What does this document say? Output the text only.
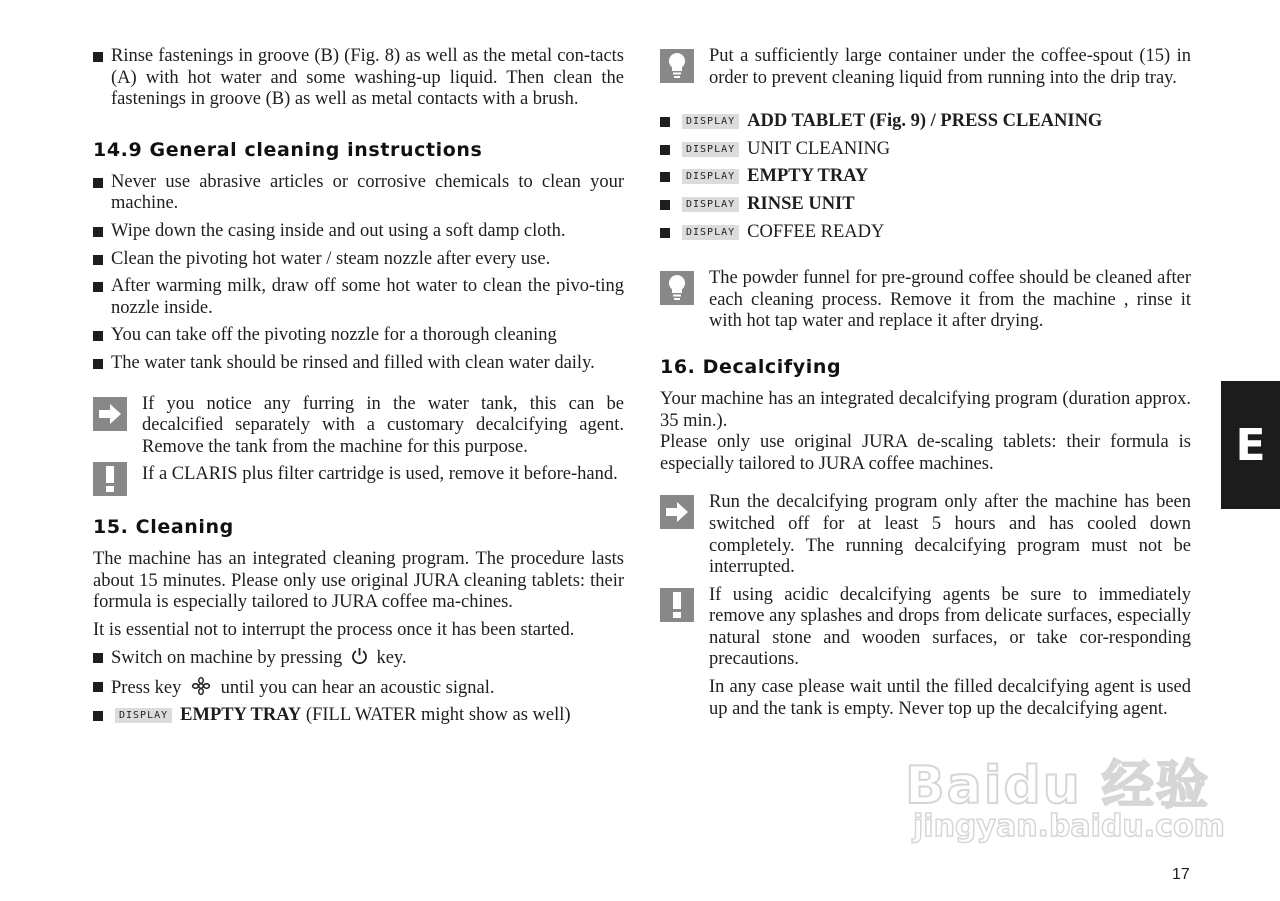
Rinse fastenings in groove (B) (Fig. 8) as well as the metal con-tacts (A) with hot water and some washing-up liquid. Then clean the fastenings in groove (B) as well as metal contacts with a brush.

14.9 General cleaning instructions

Never use abrasive articles or corrosive chemicals to clean your machine.

Wipe down the casing inside and out using a soft damp cloth.

Clean the pivoting hot water / steam nozzle after every use.

After warming milk, draw off some hot water to clean the pivo-ting nozzle inside.

You can take off the pivoting nozzle for a thorough cleaning

The water tank should be rinsed and filled with clean water daily.

If you notice any furring in the water tank, this can be decalcified separately with a customary decalcifying agent. Remove the tank from the machine for this purpose.

If a CLARIS plus filter cartridge is used, remove it before-hand.

15. Cleaning

The machine has an integrated cleaning program. The procedure lasts about 15 minutes. Please only use original JURA cleaning tablets: their formula is especially tailored to JURA coffee ma-chines.

It is essential not to interrupt the process once it has been started.

Switch on machine by pressing key.

Press key until you can hear an acoustic signal.

DISPLAY EMPTY TRAY (FILL WATER might show as well)

Put a sufficiently large container under the coffee-spout (15) in order to prevent cleaning liquid from running into the drip tray.

DISPLAY ADD TABLET (Fig. 9) / PRESS CLEANING

DISPLAY UNIT CLEANING

DISPLAY EMPTY TRAY

DISPLAY RINSE UNIT

DISPLAY COFFEE READY

The powder funnel for pre-ground coffee should be cleaned after each cleaning process. Remove it from the machine , rinse it with hot tap water and replace it after drying.

16. Decalcifying

Your machine has an integrated decalcifying program (duration approx. 35 min.).

Please only use original JURA de-scaling tablets: their formula is especially tailored to JURA coffee machines.

Run the decalcifying program only after the machine has been switched off for at least 5 hours and has cooled down completely. The running decalcifying program must not be interrupted.

If using acidic decalcifying agents be sure to immediately remove any splashes and drops from delicate surfaces, especially natural stone and wooden surfaces, or take cor-responding precautions.

In any case please wait until the filled decalcifying agent is used up and the tank is empty. Never top up the decalcifying agent.

E
Baidu 经验
jingyan.baidu.com
17
